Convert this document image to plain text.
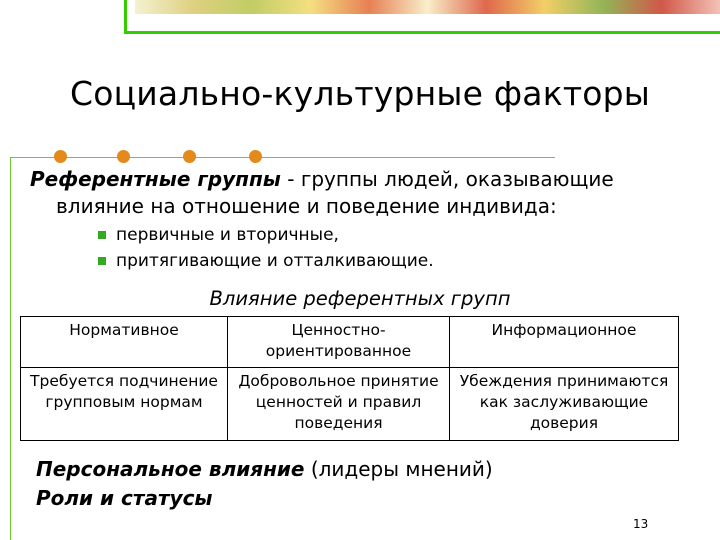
Социально-культурные факторы
Референтные группы - группы людей, оказывающие
влияние на отношение и поведение индивида:
первичные и вторичные,
притягивающие и отталкивающие.
Влияние референтных групп
Нормативное	Ценностно-ориентированное	Информационное
Требуется подчинение групповым нормам	Добровольное принятие ценностей и правил поведения	Убеждения принимаются как заслуживающие доверия
Персональное влияние (лидеры мнений)
Роли и статусы
13
